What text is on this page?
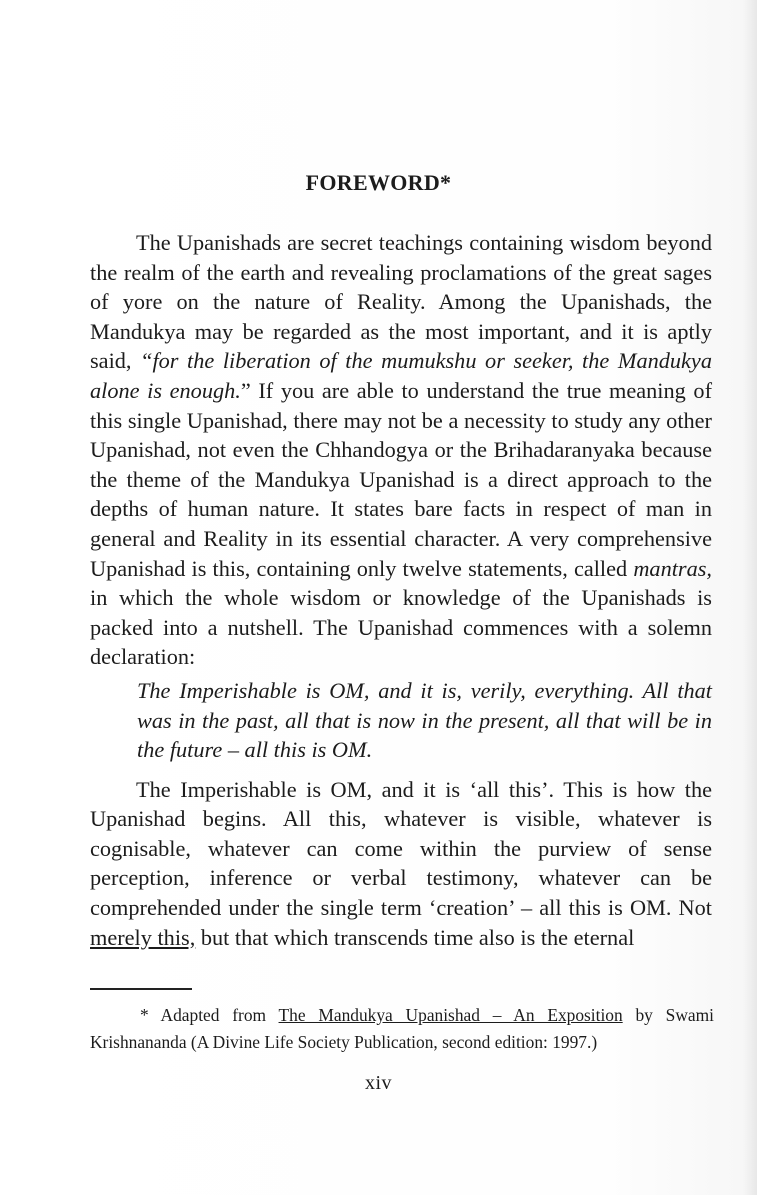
FOREWORD*

The Upanishads are secret teachings containing wisdom beyond the realm of the earth and revealing proclamations of the great sages of yore on the nature of Reality. Among the Upanishads, the Mandukya may be regarded as the most important, and it is aptly said, “for the liberation of the mumukshu or seeker, the Mandukya alone is enough.” If you are able to understand the true meaning of this single Upanishad, there may not be a necessity to study any other Upanishad, not even the Chhandogya or the Brihadaranyaka because the theme of the Mandukya Upanishad is a direct approach to the depths of human nature. It states bare facts in respect of man in general and Reality in its essential character. A very comprehensive Upanishad is this, containing only twelve statements, called mantras, in which the whole wisdom or knowledge of the Upanishads is packed into a nutshell. The Upanishad commences with a solemn declaration:

The Imperishable is OM, and it is, verily, everything. All that was in the past, all that is now in the present, all that will be in the future – all this is OM.

The Imperishable is OM, and it is ‘all this’. This is how the Upanishad begins. All this, whatever is visible, whatever is cognisable, whatever can come within the purview of sense perception, inference or verbal testimony, whatever can be comprehended under the single term ‘creation’ – all this is OM. Not merely this, but that which transcends time also is the eternal

* Adapted from The Mandukya Upanishad – An Exposition by Swami Krishnananda (A Divine Life Society Publication, second edition: 1997.)
xiv
